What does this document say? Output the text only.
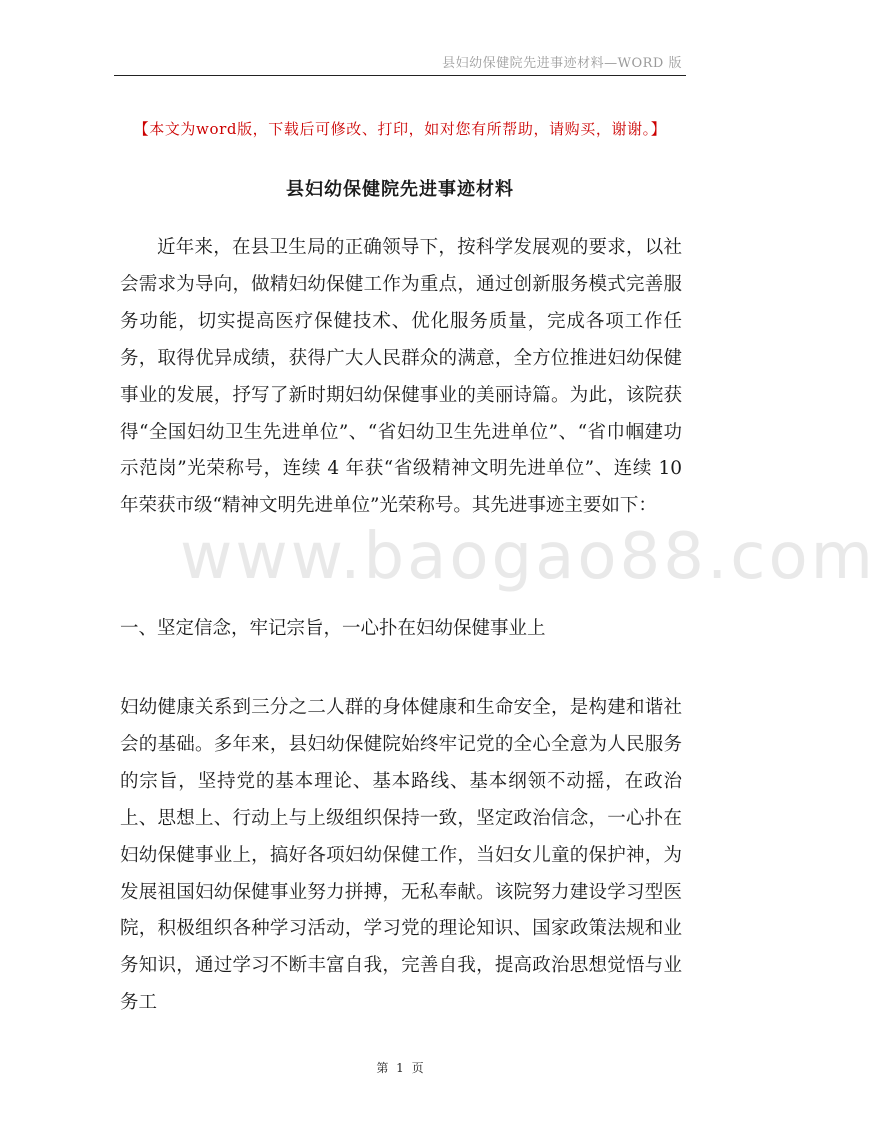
县妇幼保健院先进事迹材料—WORD 版
【本文为word版，下载后可修改、打印，如对您有所帮助，请购买，谢谢。】
县妇幼保健院先进事迹材料
www.baogao88.com

近年来，在县卫生局的正确领导下，按科学发展观的要求，以社会需求为导向，做精妇幼保健工作为重点，通过创新服务模式完善服务功能，切实提高医疗保健技术、优化服务质量，完成各项工作任务，取得优异成绩，获得广大人民群众的满意，全方位推进妇幼保健事业的发展，抒写了新时期妇幼保健事业的美丽诗篇。为此，该院获得“全国妇幼卫生先进单位”、“省妇幼卫生先进单位”、“省巾帼建功示范岗”光荣称号，连续 4 年获“省级精神文明先进单位”、连续 10 年荣获市级“精神文明先进单位”光荣称号。其先进事迹主要如下：

一、坚定信念，牢记宗旨，一心扑在妇幼保健事业上

妇幼健康关系到三分之二人群的身体健康和生命安全，是构建和谐社会的基础。多年来，县妇幼保健院始终牢记党的全心全意为人民服务的宗旨，坚持党的基本理论、基本路线、基本纲领不动摇，在政治上、思想上、行动上与上级组织保持一致，坚定政治信念，一心扑在妇幼保健事业上，搞好各项妇幼保健工作，当妇女儿童的保护神，为发展祖国妇幼保健事业努力拼搏，无私奉献。该院努力建设学习型医院，积极组织各种学习活动，学习党的理论知识、国家政策法规和业务知识，通过学习不断丰富自我，完善自我，提高政治思想觉悟与业务工

第 1 页
